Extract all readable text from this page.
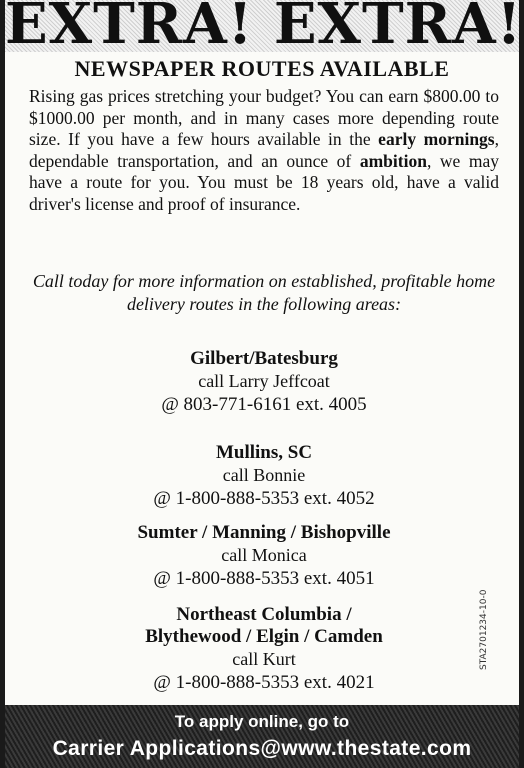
EXTRA! EXTRA!
NEWSPAPER ROUTES AVAILABLE

Rising gas prices stretching your budget? You can earn $800.00 to $1000.00 per month, and in many cases more depending route size. If you have a few hours available in the early mornings, dependable transportation, and an ounce of ambition, we may have a route for you. You must be 18 years old, have a valid driver's license and proof of insurance.

Call today for more information on established, profitable home delivery routes in the following areas:

Gilbert/Batesburg
call Larry Jeffcoat
@ 803-771-6161 ext. 4005
Mullins, SC
call Bonnie
@ 1-800-888-5353 ext. 4052
Sumter / Manning / Bishopville
call Monica
@ 1-800-888-5353 ext. 4051
Northeast Columbia /
Blythewood / Elgin / Camden
call Kurt
@ 1-800-888-5353 ext. 4021
STA2701234-10-0
To apply online, go to
Carrier Applications@www.thestate.com
